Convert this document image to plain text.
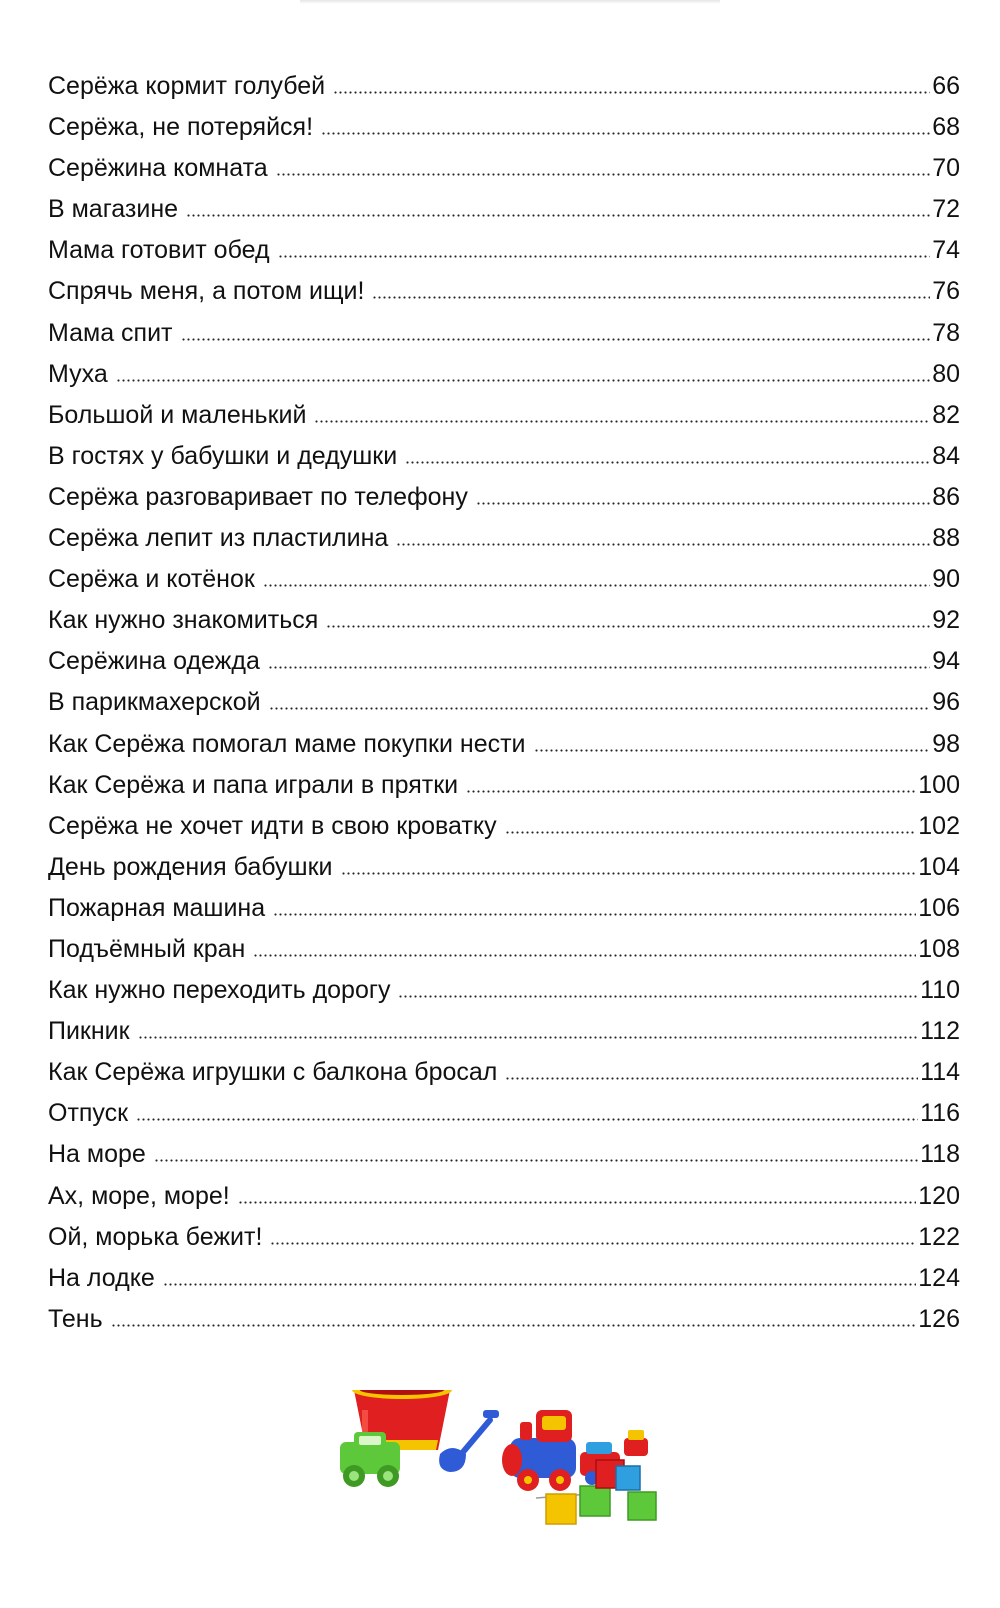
Серёжа кормит голубей	66
Серёжа, не потеряйся!	68
Серёжина комната	70
В магазине	72
Мама готовит обед	74
Спрячь меня, а потом ищи!	76
Мама спит	78
Муха	80
Большой и маленький	82
В гостях у бабушки и дедушки	84
Серёжа разговаривает по телефону	86
Серёжа лепит из пластилина	88
Серёжа и котёнок	90
Как нужно знакомиться	92
Серёжина одежда	94
В парикмахерской	96
Как Серёжа помогал маме покупки нести	98
Как Серёжа и папа играли в прятки	100
Серёжа не хочет идти в свою кроватку	102
День рождения бабушки	104
Пожарная машина	106
Подъёмный кран	108
Как нужно переходить дорогу	110
Пикник	112
Как Серёжа игрушки с балкона бросал	114
Отпуск	116
На море	118
Ах, море, море!	120
Ой, морька бежит!	122
На лодке	124
Тень	126
